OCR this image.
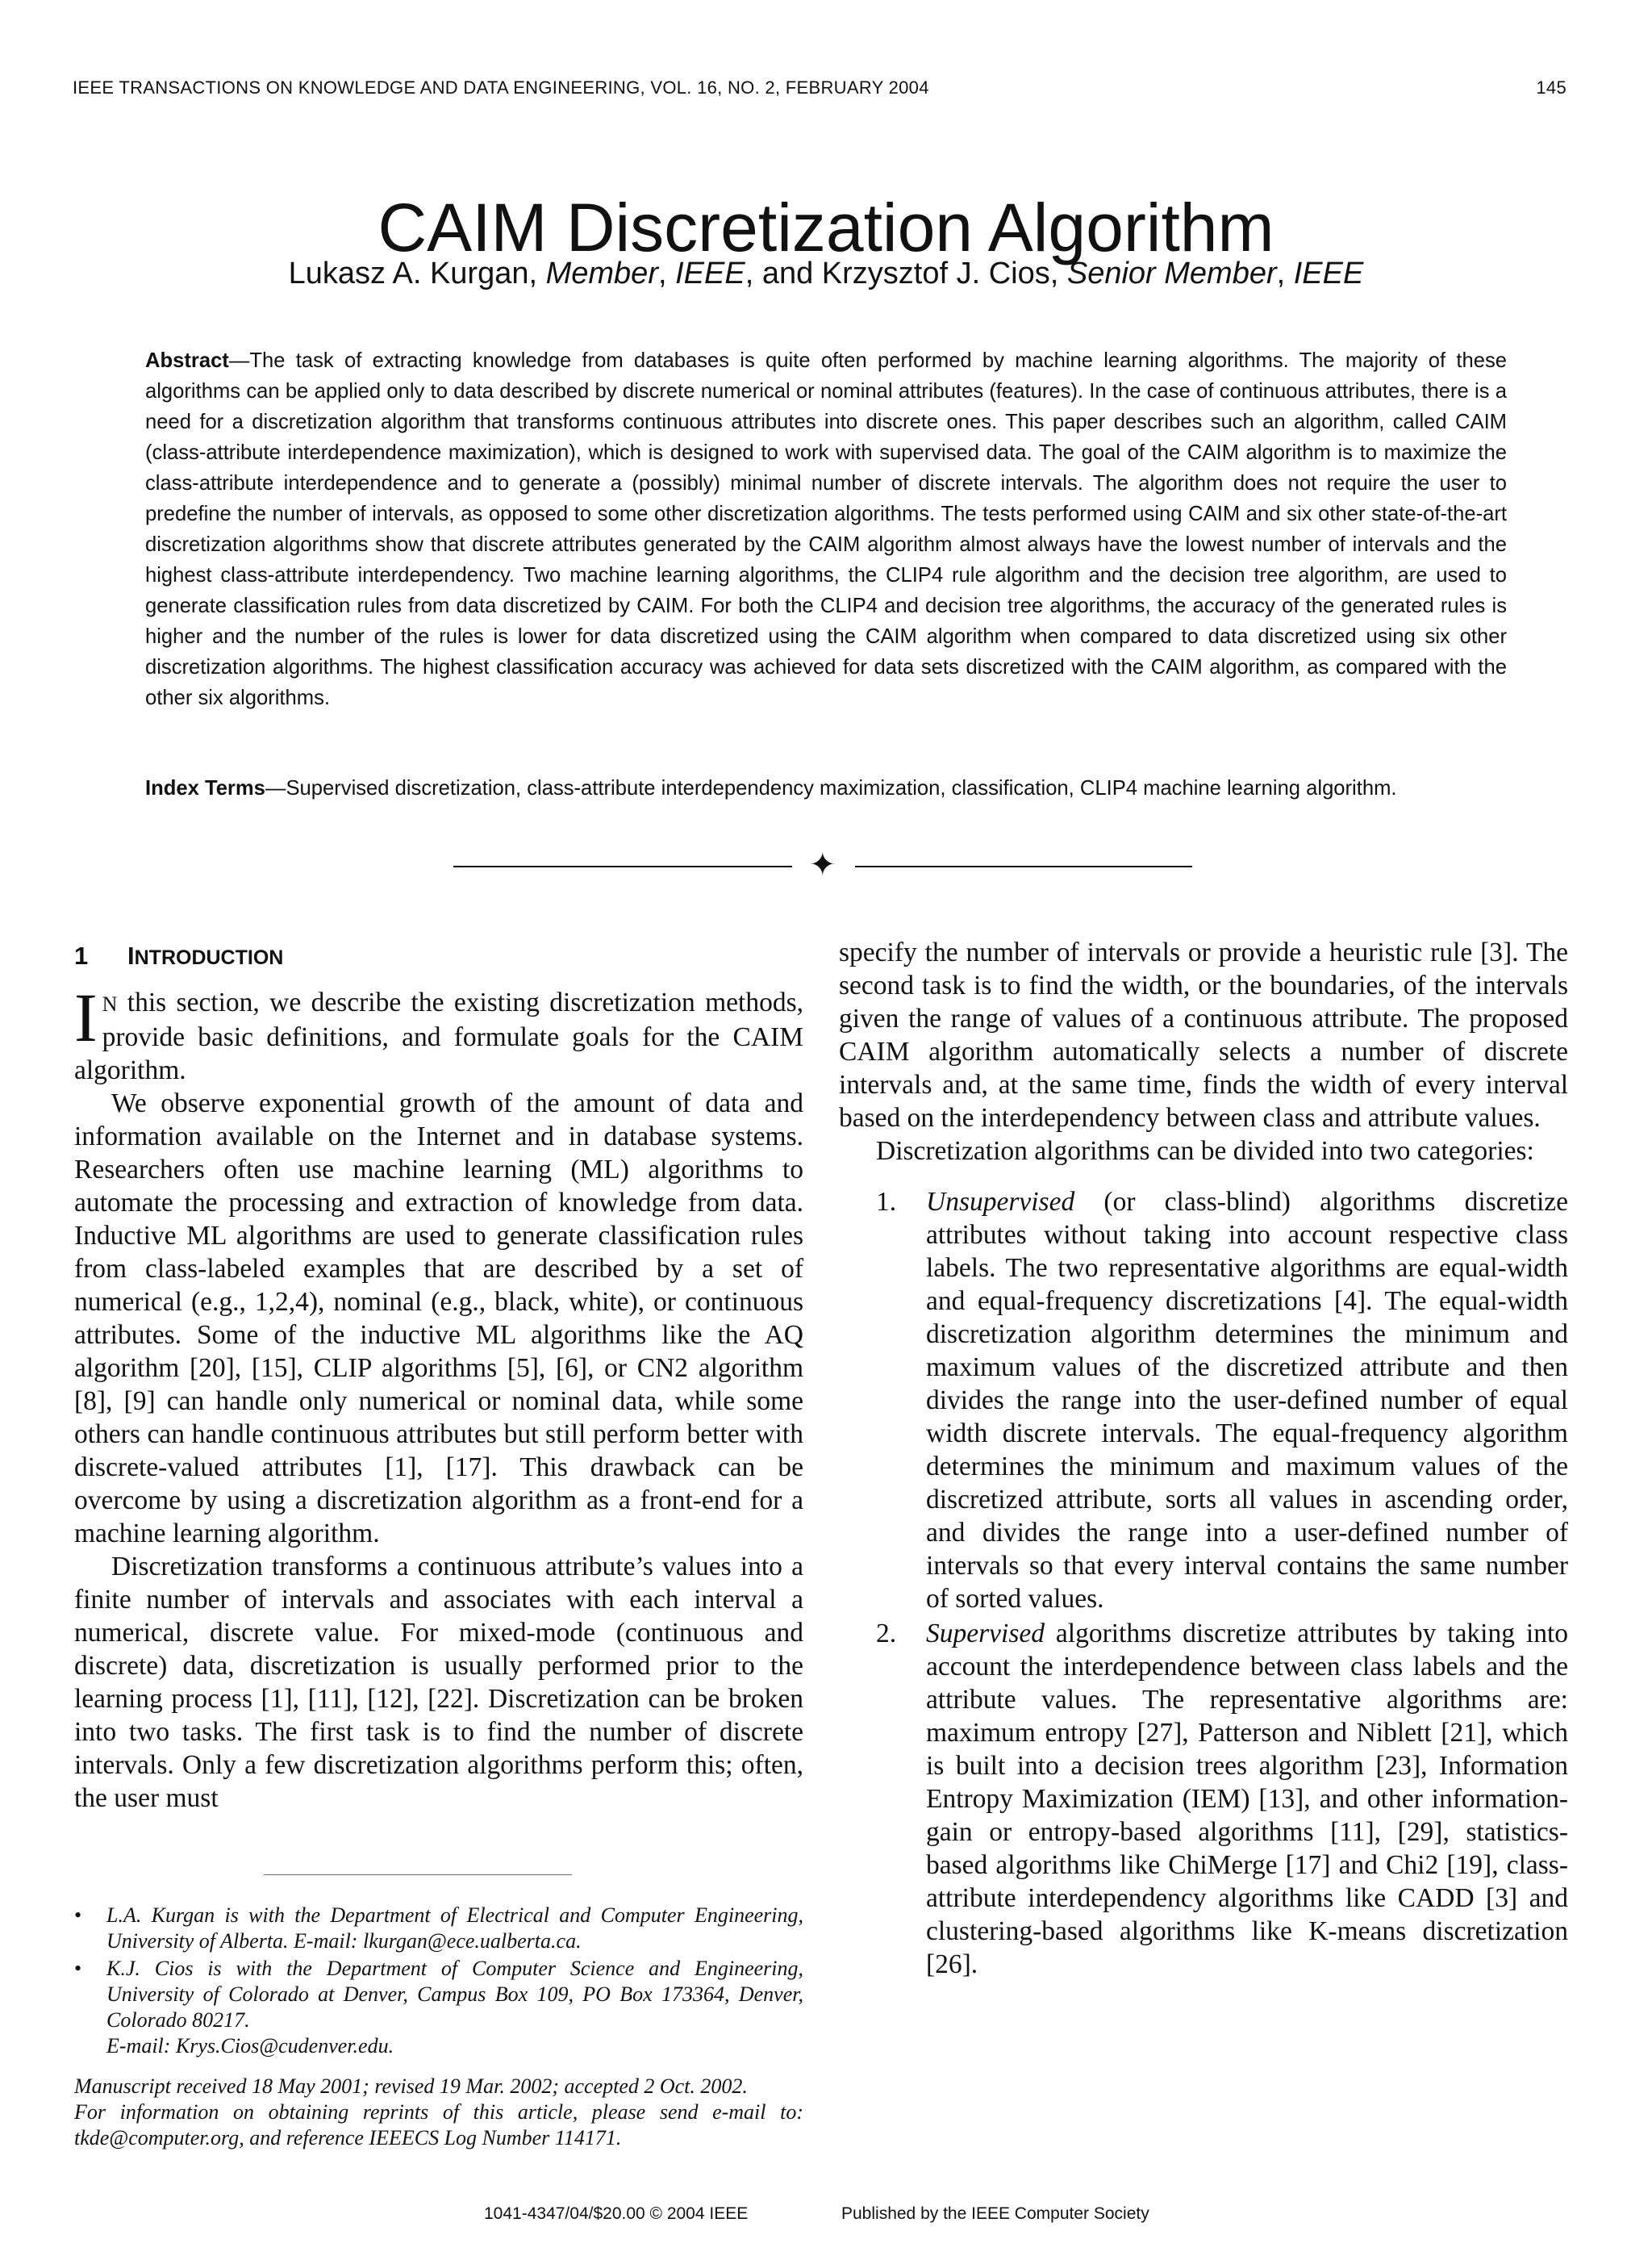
IEEE TRANSACTIONS ON KNOWLEDGE AND DATA ENGINEERING, VOL. 16, NO. 2, FEBRUARY 2004	145
CAIM Discretization Algorithm
Lukasz A. Kurgan, Member, IEEE, and Krzysztof J. Cios, Senior Member, IEEE
Abstract—The task of extracting knowledge from databases is quite often performed by machine learning algorithms. The majority of these algorithms can be applied only to data described by discrete numerical or nominal attributes (features). In the case of continuous attributes, there is a need for a discretization algorithm that transforms continuous attributes into discrete ones. This paper describes such an algorithm, called CAIM (class-attribute interdependence maximization), which is designed to work with supervised data. The goal of the CAIM algorithm is to maximize the class-attribute interdependence and to generate a (possibly) minimal number of discrete intervals. The algorithm does not require the user to predefine the number of intervals, as opposed to some other discretization algorithms. The tests performed using CAIM and six other state-of-the-art discretization algorithms show that discrete attributes generated by the CAIM algorithm almost always have the lowest number of intervals and the highest class-attribute interdependency. Two machine learning algorithms, the CLIP4 rule algorithm and the decision tree algorithm, are used to generate classification rules from data discretized by CAIM. For both the CLIP4 and decision tree algorithms, the accuracy of the generated rules is higher and the number of the rules is lower for data discretized using the CAIM algorithm when compared to data discretized using six other discretization algorithms. The highest classification accuracy was achieved for data sets discretized with the CAIM algorithm, as compared with the other six algorithms.
Index Terms—Supervised discretization, class-attribute interdependency maximization, classification, CLIP4 machine learning algorithm.
✦
1 INTRODUCTION

I N this section, we describe the existing discretization methods, provide basic definitions, and formulate goals for the CAIM algorithm.

We observe exponential growth of the amount of data and information available on the Internet and in database systems. Researchers often use machine learning (ML) algorithms to automate the processing and extraction of knowledge from data. Inductive ML algorithms are used to generate classification rules from class-labeled examples that are described by a set of numerical (e.g., 1,2,4), nominal (e.g., black, white), or continuous attributes. Some of the inductive ML algorithms like the AQ algorithm [20], [15], CLIP algorithms [5], [6], or CN2 algorithm [8], [9] can handle only numerical or nominal data, while some others can handle continuous attributes but still perform better with discrete-valued attributes [1], [17]. This drawback can be overcome by using a discretization algorithm as a front-end for a machine learning algorithm.

Discretization transforms a continuous attribute’s values into a finite number of intervals and associates with each interval a numerical, discrete value. For mixed-mode (continuous and discrete) data, discretization is usually performed prior to the learning process [1], [11], [12], [22]. Discretization can be broken into two tasks. The first task is to find the number of discrete intervals. Only a few discretization algorithms perform this; often, the user must

• L.A. Kurgan is with the Department of Electrical and Computer Engineering, University of Alberta. E-mail: lkurgan@ece.ualberta.ca.
• K.J. Cios is with the Department of Computer Science and Engineering, University of Colorado at Denver, Campus Box 109, PO Box 173364, Denver, Colorado 80217.
E-mail: Krys.Cios@cudenver.edu.

Manuscript received 18 May 2001; revised 19 Mar. 2002; accepted 2 Oct. 2002.

For information on obtaining reprints of this article, please send e-mail to: tkde@computer.org, and reference IEEECS Log Number 114171.

specify the number of intervals or provide a heuristic rule [3]. The second task is to find the width, or the boundaries, of the intervals given the range of values of a continuous attribute. The proposed CAIM algorithm automatically selects a number of discrete intervals and, at the same time, finds the width of every interval based on the interdependency between class and attribute values.

Discretization algorithms can be divided into two categories:

1. Unsupervised (or class-blind) algorithms discretize attributes without taking into account respective class labels. The two representative algorithms are equal-width and equal-frequency discretizations [4]. The equal-width discretization algorithm determines the minimum and maximum values of the discretized attribute and then divides the range into the user-defined number of equal width discrete intervals. The equal-frequency algorithm determines the minimum and maximum values of the discretized attribute, sorts all values in ascending order, and divides the range into a user-defined number of intervals so that every interval contains the same number of sorted values.
2. Supervised algorithms discretize attributes by taking into account the interdependence between class labels and the attribute values. The representative algorithms are: maximum entropy [27], Patterson and Niblett [21], which is built into a decision trees algorithm [23], Information Entropy Maximization (IEM) [13], and other information-gain or entropy-based algorithms [11], [29], statistics-based algorithms like ChiMerge [17] and Chi2 [19], class-attribute interdependency algorithms like CADD [3] and clustering-based algorithms like K-means discretization [26].
1041-4347/04/$20.00 © 2004 IEEE	Published by the IEEE Computer Society
